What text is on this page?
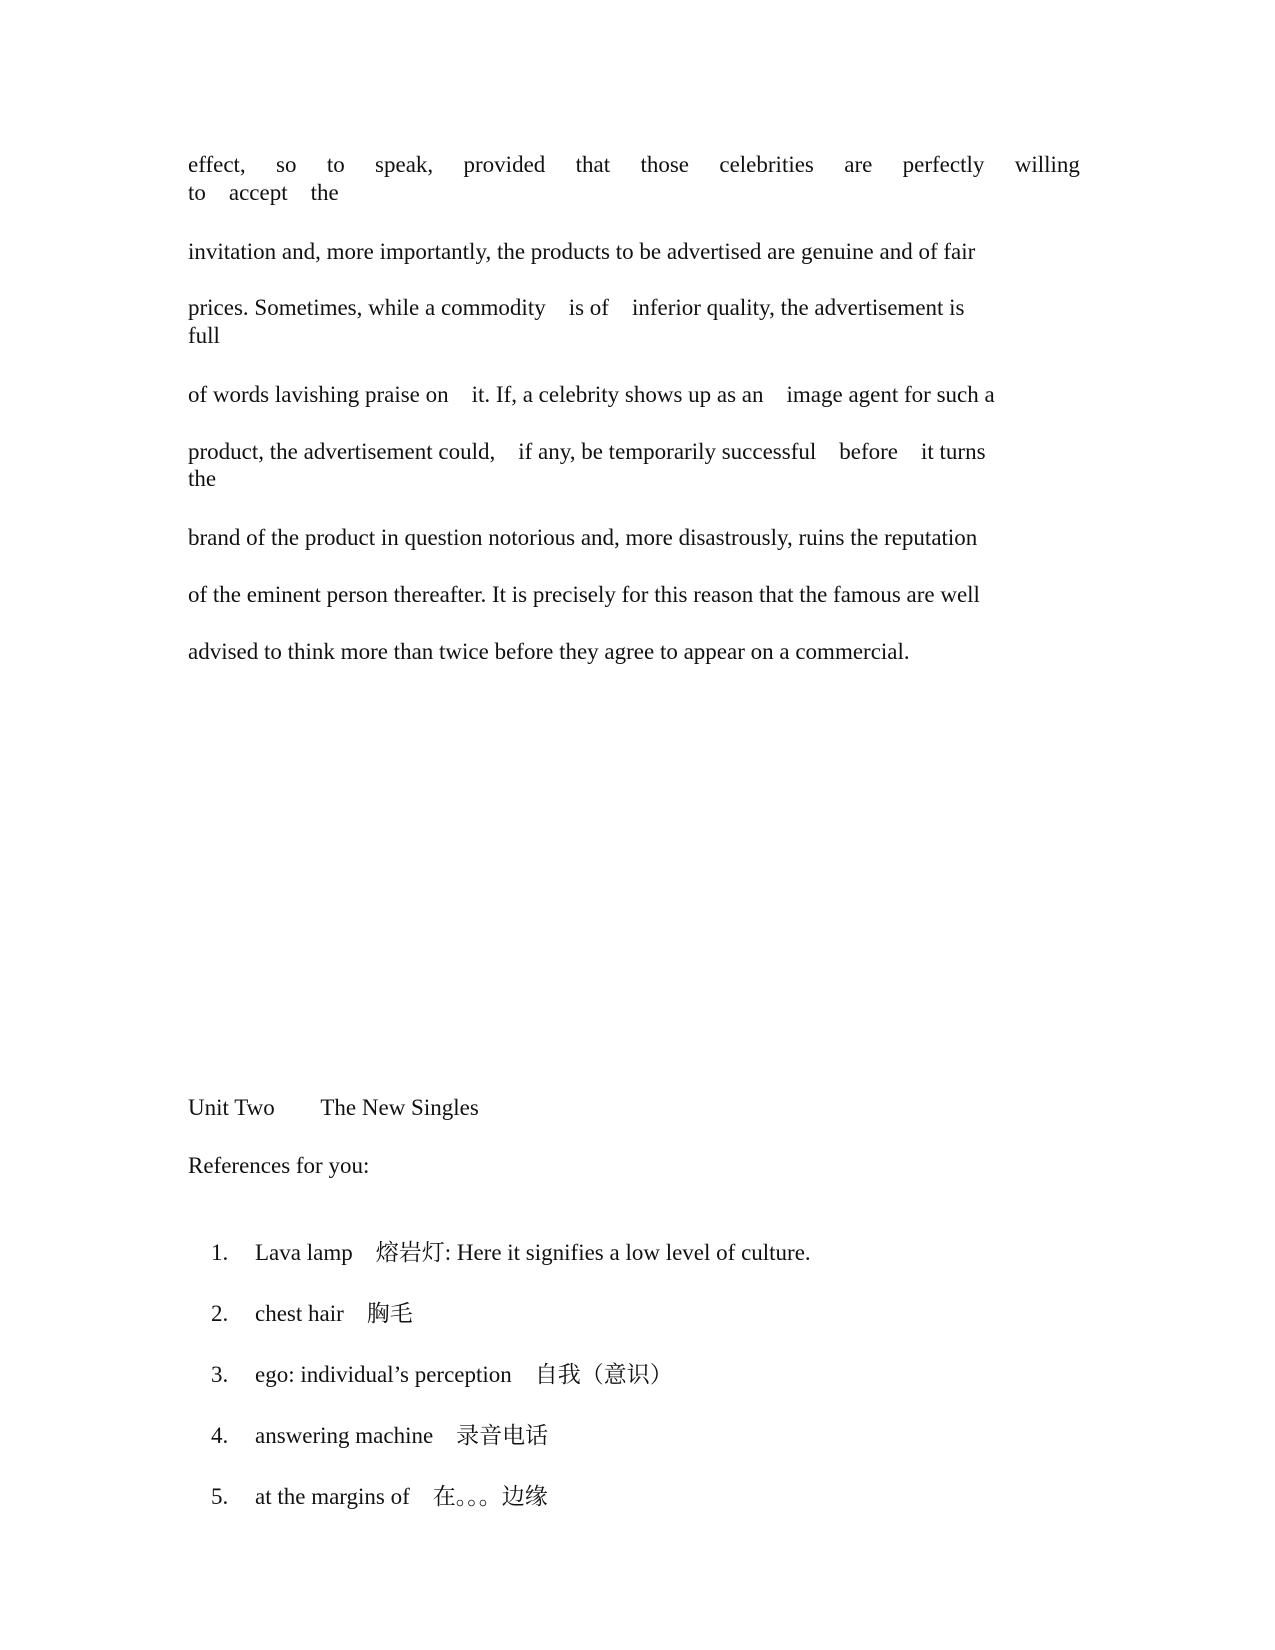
effect, so to speak, provided that those celebrities are perfectly willing
to    accept    the
invitation and, more importantly, the products to be advertised are genuine and of fair
prices. Sometimes, while a commodity    is of    inferior quality, the advertisement is
full
of words lavishing praise on    it. If, a celebrity shows up as an    image agent for such a
product, the advertisement could,    if any, be temporarily successful    before    it turns
the
brand of the product in question notorious and, more disastrously, ruins the reputation
of the eminent person thereafter. It is precisely for this reason that the famous are well
advised to think more than twice before they agree to appear on a commercial.
Unit Two        The New Singles
References for you:

1. Lava lamp    熔岩灯: Here it signifies a low level of culture.

2. chest hair    胸毛

3. ego: individual’s perception    自我（意识）

4. answering machine    录音电话

5. at the margins of    在。。。边缘
